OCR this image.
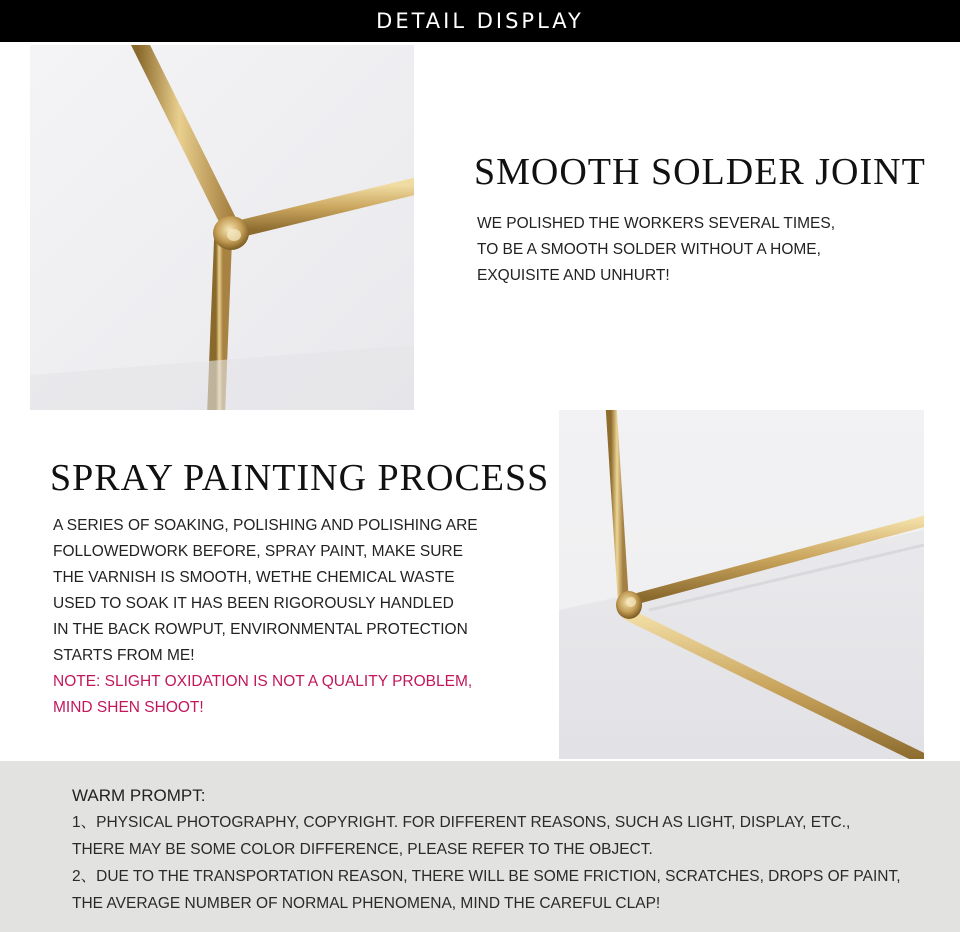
DETAIL DISPLAY
SMOOTH SOLDER JOINT
WE POLISHED THE WORKERS SEVERAL TIMES,
TO BE A SMOOTH SOLDER WITHOUT A HOME,
EXQUISITE AND UNHURT!
SPRAY PAINTING PROCESS
A SERIES OF SOAKING, POLISHING AND POLISHING ARE
FOLLOWEDWORK BEFORE, SPRAY PAINT, MAKE SURE
THE VARNISH IS SMOOTH, WETHE CHEMICAL WASTE
USED TO SOAK IT HAS BEEN RIGOROUSLY HANDLED
IN THE BACK ROWPUT, ENVIRONMENTAL PROTECTION
STARTS FROM ME!
NOTE: SLIGHT OXIDATION IS NOT A QUALITY PROBLEM,
MIND SHEN SHOOT!
WARM PROMPT:
1、PHYSICAL PHOTOGRAPHY, COPYRIGHT. FOR DIFFERENT REASONS, SUCH AS LIGHT, DISPLAY, ETC.,
THERE MAY BE SOME COLOR DIFFERENCE, PLEASE REFER TO THE OBJECT.
2、DUE TO THE TRANSPORTATION REASON, THERE WILL BE SOME FRICTION, SCRATCHES, DROPS OF PAINT,
THE AVERAGE NUMBER OF NORMAL PHENOMENA, MIND THE CAREFUL CLAP!
